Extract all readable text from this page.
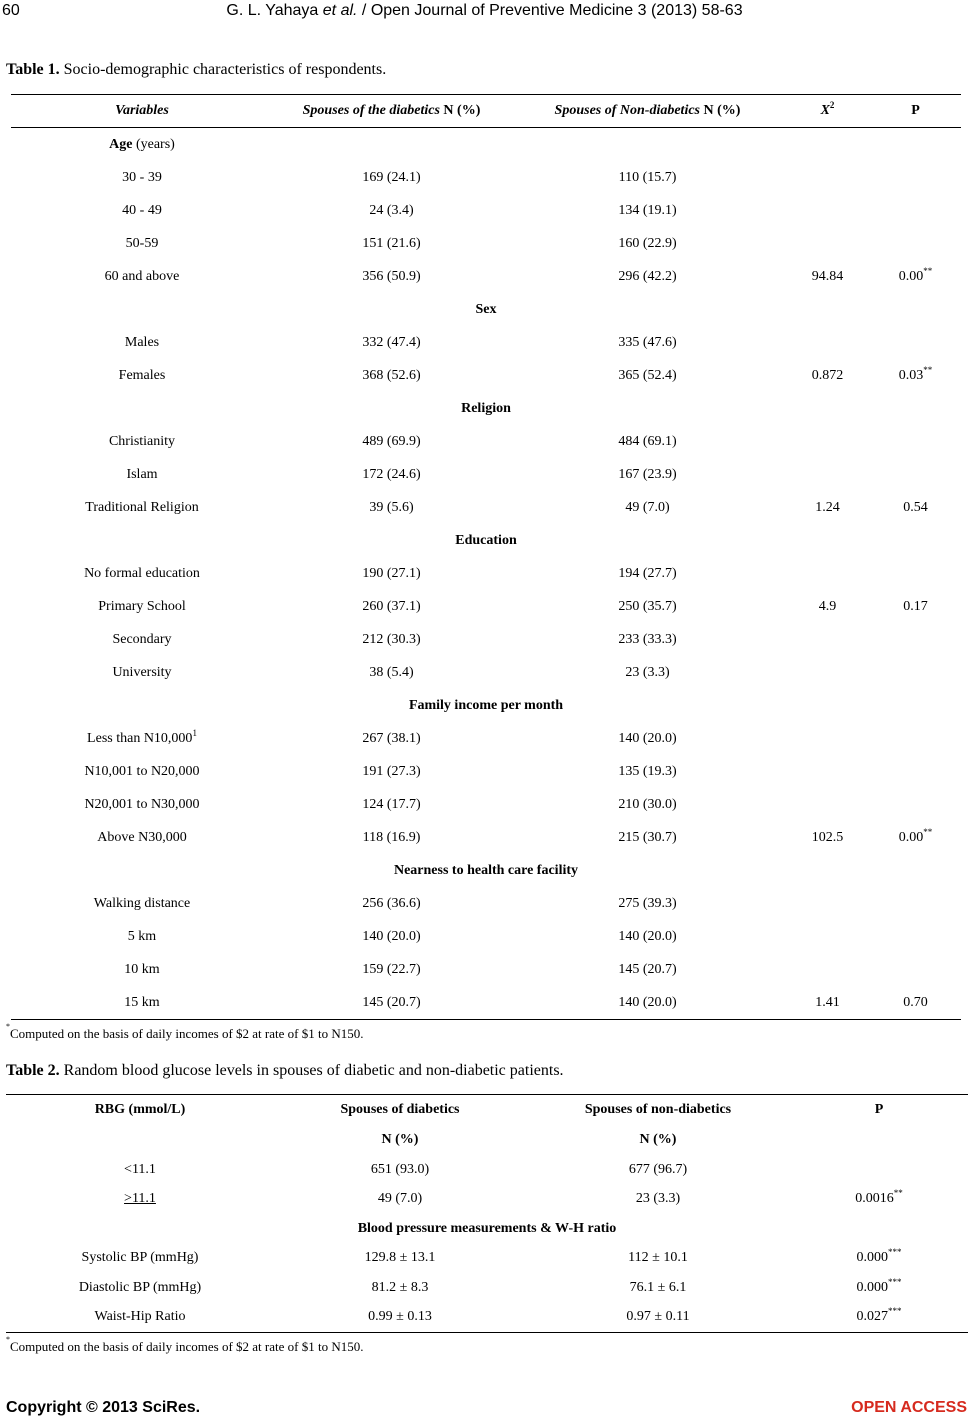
60	G. L. Yahaya et al. / Open Journal of Preventive Medicine 3 (2013) 58-63
Table 1. Socio-demographic characteristics of respondents.
Variables	Spouses of the diabetics N (%)	Spouses of Non-diabetics N (%)	$X^2$	P
Age (years)				
30 - 39	169 (24.1)	110 (15.7)		
40 - 49	24 (3.4)	134 (19.1)		
50-59	151 (21.6)	160 (22.9)		
60 and above	356 (50.9)	296 (42.2)	94.84	0.00**
Sex				
Males	332 (47.4)	335 (47.6)		
Females	368 (52.6)	365 (52.4)	0.872	0.03**
Religion				
Christianity	489 (69.9)	484 (69.1)		
Islam	172 (24.6)	167 (23.9)		
Traditional Religion	39 (5.6)	49 (7.0)	1.24	0.54
Education				
No formal education	190 (27.1)	194 (27.7)		
Primary School	260 (37.1)	250 (35.7)	4.9	0.17
Secondary	212 (30.3)	233 (33.3)		
University	38 (5.4)	23 (3.3)		
Family income per month				
Less than N10,000$^1$	267 (38.1)	140 (20.0)		
N10,001 to N20,000	191 (27.3)	135 (19.3)		
N20,001 to N30,000	124 (17.7)	210 (30.0)		
Above N30,000	118 (16.9)	215 (30.7)	102.5	0.00**
Nearness to health care facility				
Walking distance	256 (36.6)	275 (39.3)		
5 km	140 (20.0)	140 (20.0)		
10 km	159 (22.7)	145 (20.7)		
15 km	145 (20.7)	140 (20.0)	1.41	0.70
*Computed on the basis of daily incomes of $2 at rate of $1 to N150.
Table 2. Random blood glucose levels in spouses of diabetic and non-diabetic patients.
RBG (mmol/L)	Spouses of diabetics	Spouses of non-diabetics	P
	N (%)	N (%)	
<11.1	651 (93.0)	677 (96.7)	
>11.1	49 (7.0)	23 (3.3)	0.0016**
Blood pressure measurements & W-H ratio			
Systolic BP (mmHg)	129.8 ± 13.1	112 ± 10.1	0.000***
Diastolic BP (mmHg)	81.2 ± 8.3	76.1 ± 6.1	0.000***
Waist-Hip Ratio	0.99 ± 0.13	0.97 ± 0.11	0.027***
*Computed on the basis of daily incomes of $2 at rate of $1 to N150.
Copyright © 2013 SciRes.	OPEN ACCESS
